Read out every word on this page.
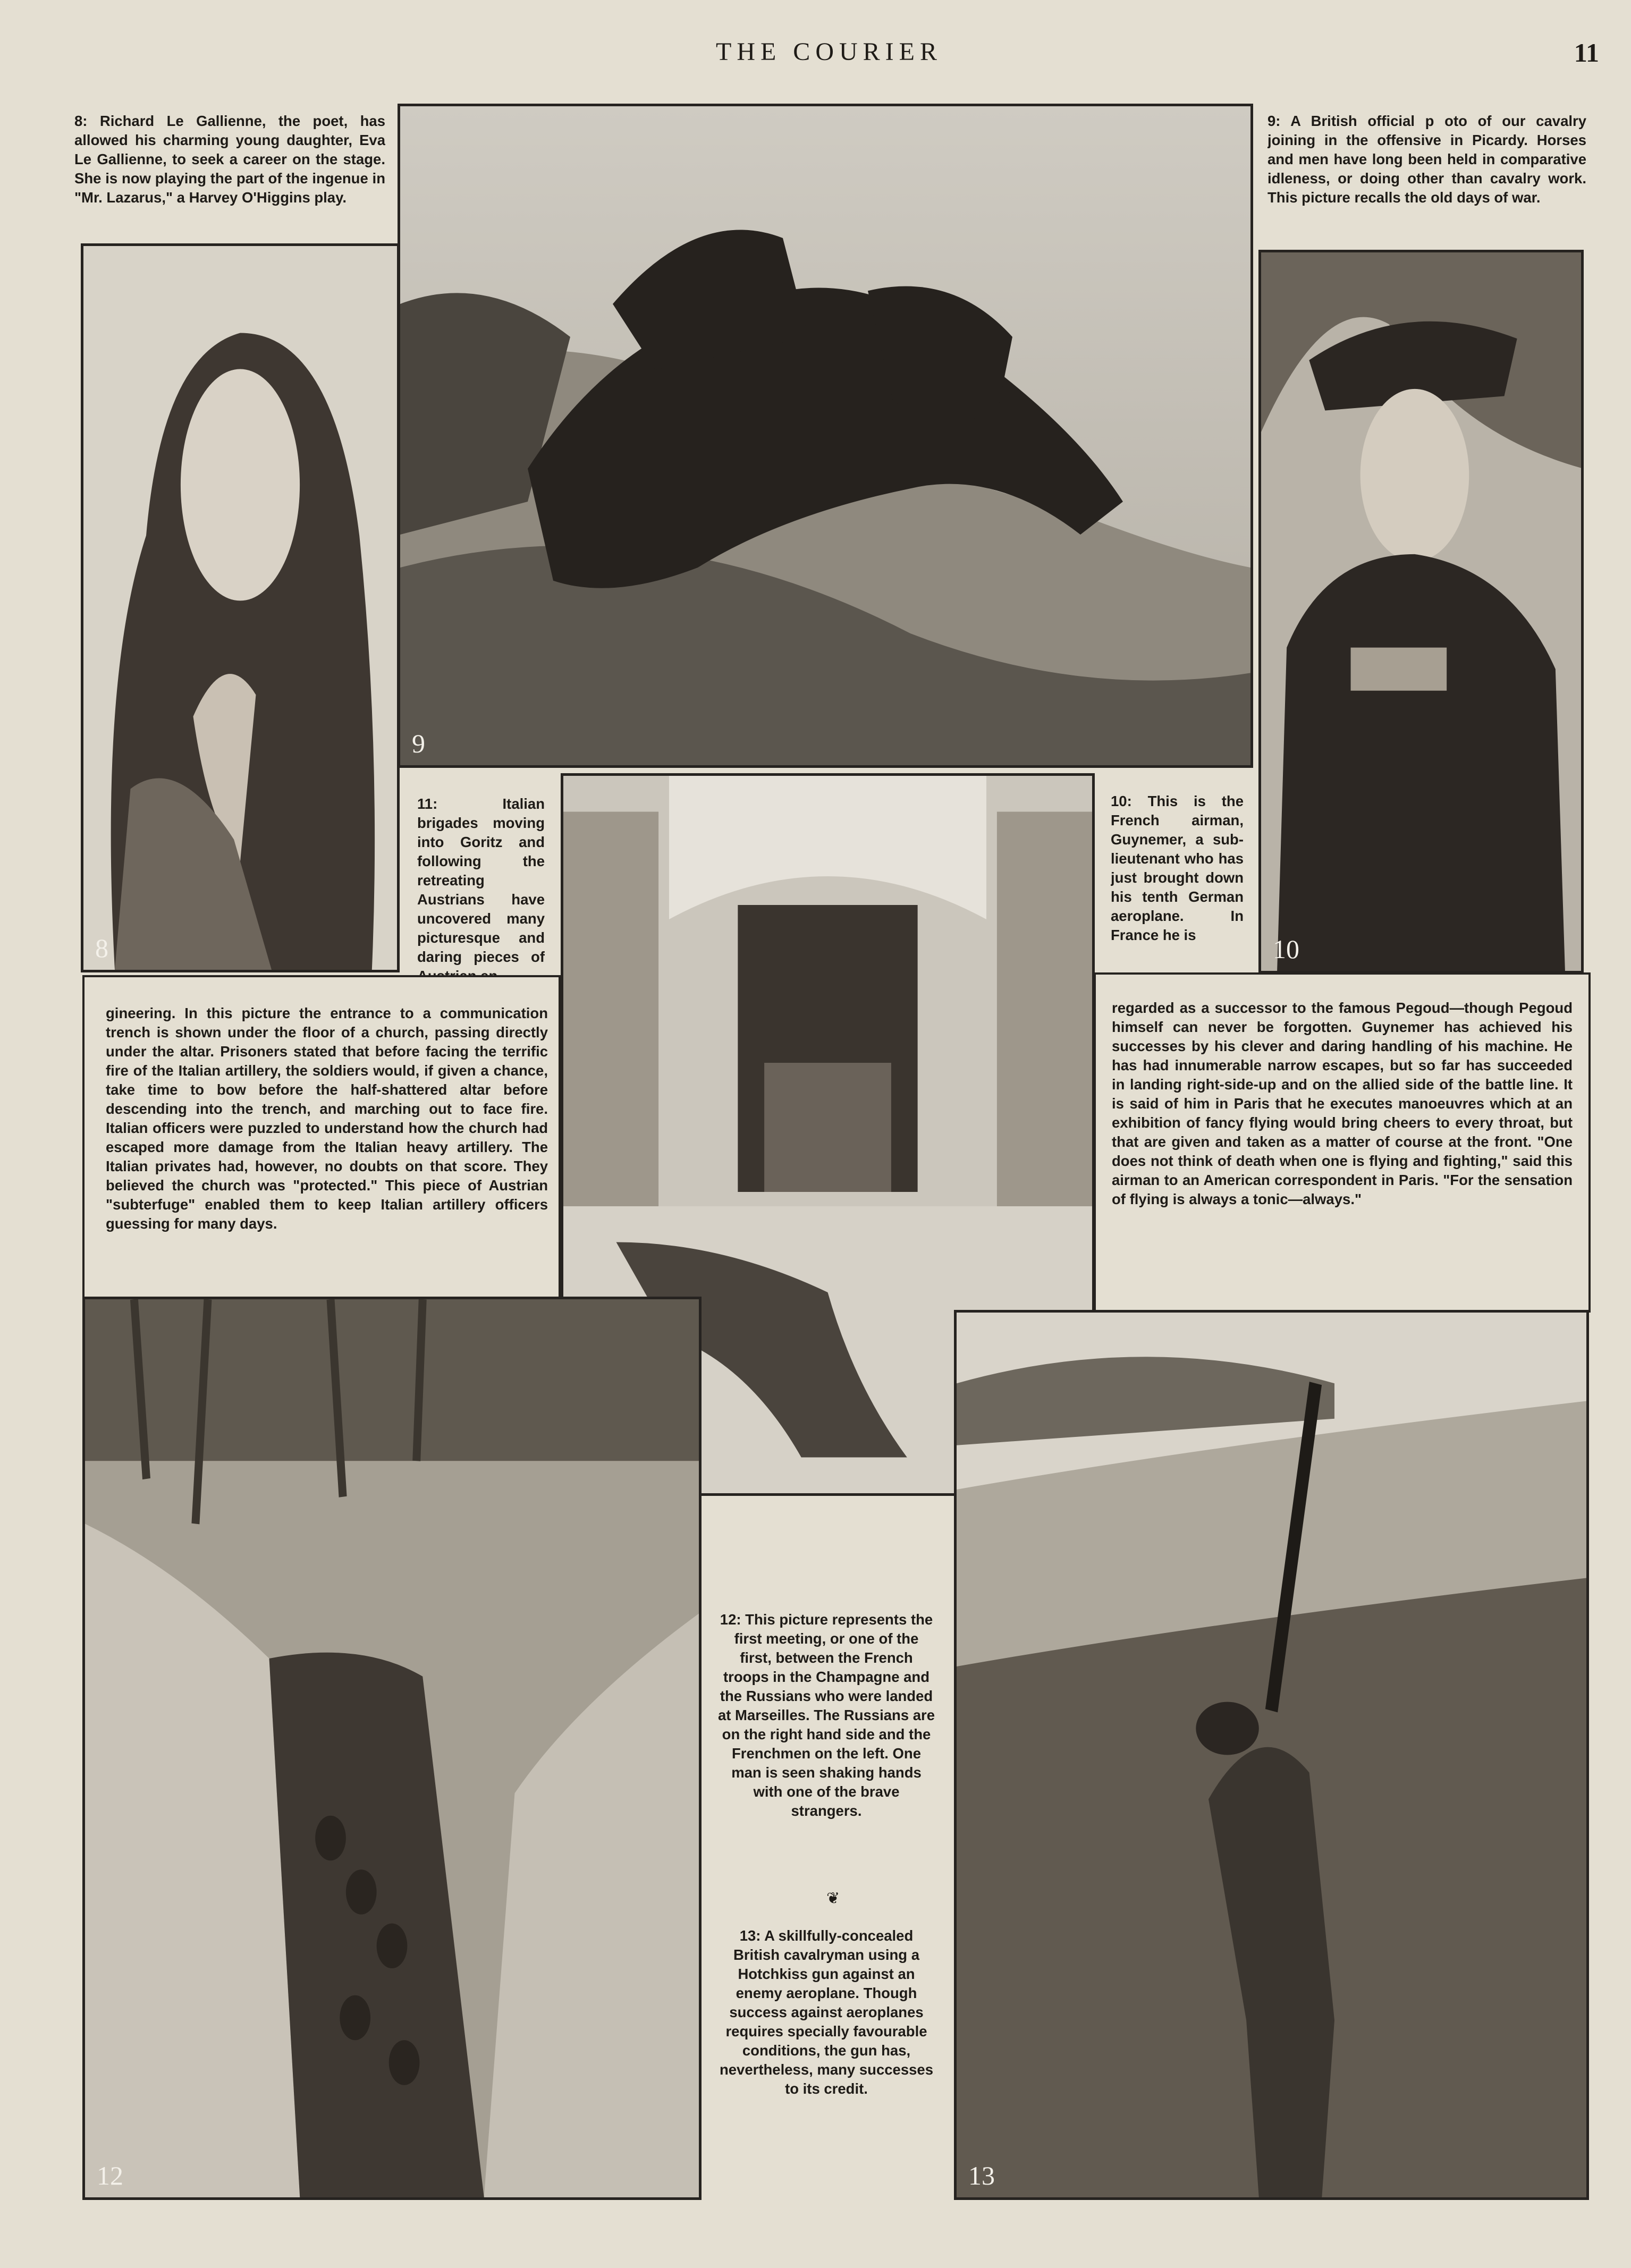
THE COURIER	11
8: Richard Le Gallienne, the poet, has allowed his charming young daughter, Eva Le Gallienne, to seek a career on the stage. She is now playing the part of the ingenue in "Mr. Lazarus," a Harvey O'Higgins play.
9
9: A British official p oto of our cavalry joining in the offensive in Picardy. Horses and men have long been held in comparative idleness, or doing other than cavalry work. This picture recalls the old days of war.
8	10
11: Italian brigades moving into Goritz and following the retreating Austrians have uncovered many picturesque and daring pieces of
gineering. In this picture the entrance to a communication trench is shown under the floor of a church, passing directly under the altar. Prisoners stated that before facing the terrific fire of the Italian artillery, the soldiers would, if given a chance, take time to bow before the half-shattered altar before descending into the trench, and marching out to face fire. Italian officers were puzzled to understand how the church had escaped more damage from the Italian heavy artillery. The Italian privates had, however, no doubts on that score. They believed the church was "protected." This piece of Austrian "subterfuge" enabled them to keep Italian artillery officers guessing for many days.
10: This is the French airman, Guynemer, a sub-lieutenant who has just brought down his tenth German aeroplane. In France he is
regarded as a successor to the famous Pegoud—though Pegoud himself can never be forgotten. Guynemer has achieved his successes by his clever and daring handling of his machine. He has had innumerable narrow escapes, but so far has succeeded in landing right-side-up and on the allied side of the battle line. It is said of him in Paris that he executes manoeuvres which at an exhibition of fancy flying would bring cheers to every throat, but that are given and taken as a matter of course at the front. "One does not think of death when one is flying and fighting," said this airman to an American correspondent in Paris. "For the sensation of flying is always a tonic—always."
12
12: This picture represents the first meeting, or one of the first, between the French troops in the Champagne and the Russians who were landed at Marseilles. The Russians are on the right hand side and the Frenchmen on the left. One man is seen shaking hands with one of the brave strangers.
❦
13: A skillfully-concealed British cavalryman using a Hotchkiss gun against an enemy aeroplane. Though success against aeroplanes requires specially favourable conditions, the gun has, nevertheless, many successes to its credit.
13
